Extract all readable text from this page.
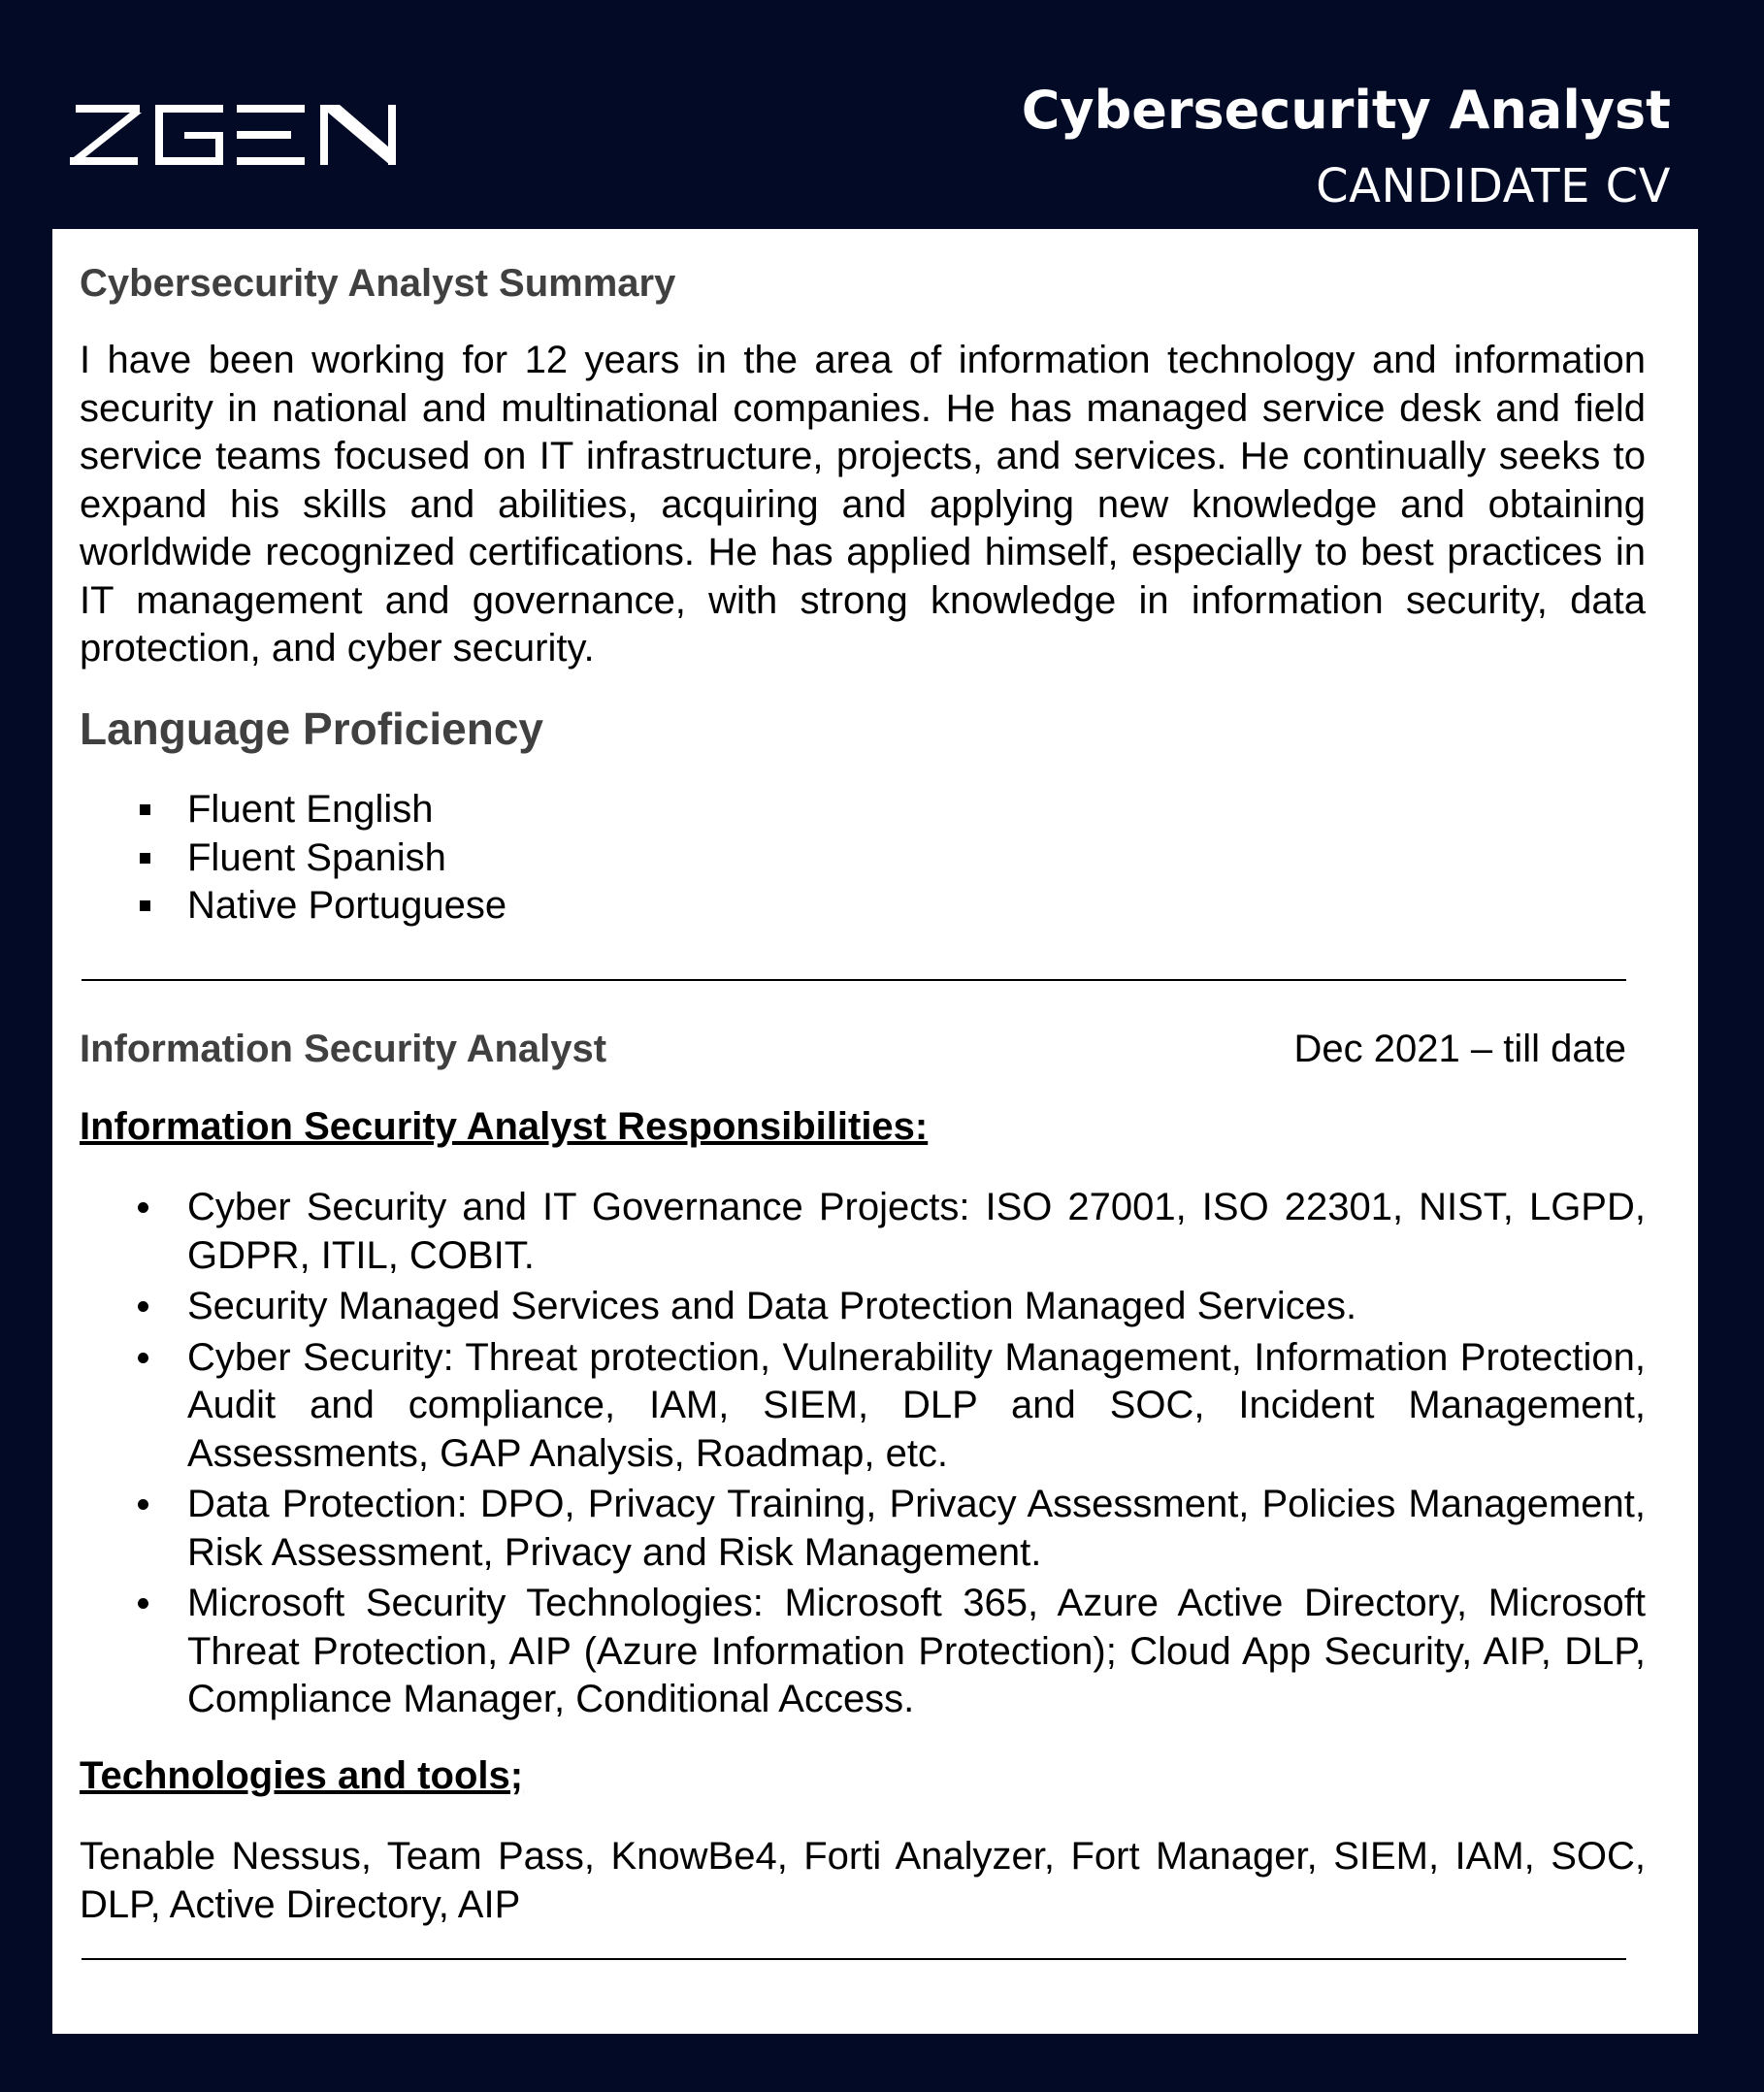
Cybersecurity Analyst
CANDIDATE CV
Cybersecurity Analyst Summary

I have been working for 12 years in the area of information technology and information security in national and multinational companies. He has managed service desk and field service teams focused on IT infrastructure, projects, and services. He continually seeks to expand his skills and abilities, acquiring and applying new knowledge and obtaining worldwide recognized certifications. He has applied himself, especially to best practices in IT management and governance, with strong knowledge in information security, data protection, and cyber security.

Language Proficiency
Fluent English
Fluent Spanish
Native Portuguese
Information Security Analyst	Dec 2021 – till date
Information Security Analyst Responsibilities:
Cyber Security and IT Governance Projects: ISO 27001, ISO 22301, NIST, LGPD, GDPR, ITIL, COBIT.
Security Managed Services and Data Protection Managed Services.
Cyber Security: Threat protection, Vulnerability Management, Information Protection, Audit and compliance, IAM, SIEM, DLP and SOC, Incident Management, Assessments, GAP Analysis, Roadmap, etc.
Data Protection: DPO, Privacy Training, Privacy Assessment, Policies Management, Risk Assessment, Privacy and Risk Management.
Microsoft Security Technologies: Microsoft 365, Azure Active Directory, Microsoft Threat Protection, AIP (Azure Information Protection); Cloud App Security, AIP, DLP, Compliance Manager, Conditional Access.
Technologies and tools;

Tenable Nessus, Team Pass, KnowBe4, Forti Analyzer, Fort Manager, SIEM, IAM, SOC, DLP, Active Directory, AIP
